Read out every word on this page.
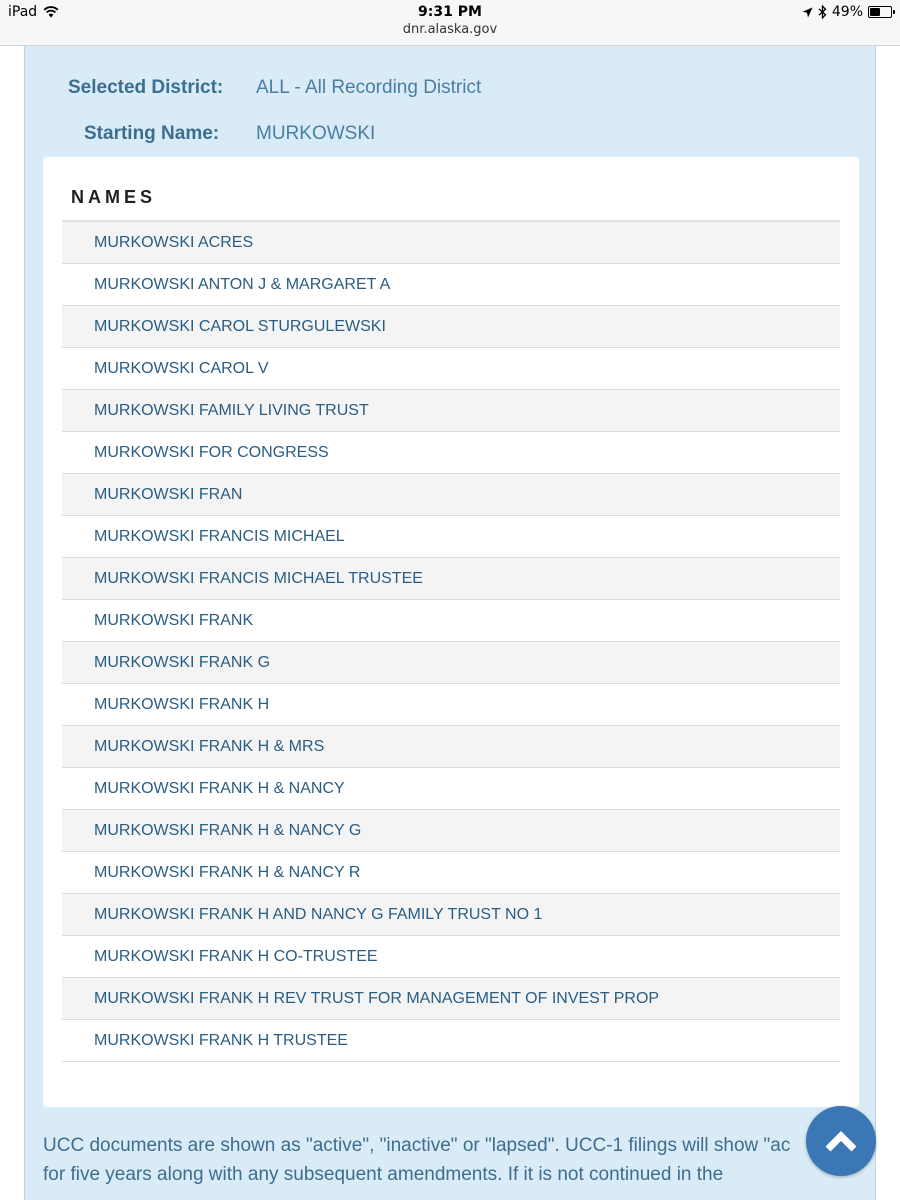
iPad	9:31 PM
dnr.alaska.gov
49%
Selected District: ALL - All Recording District
Starting Name: MURKOWSKI
NAMES
MURKOWSKI ACRES
MURKOWSKI ANTON J & MARGARET A
MURKOWSKI CAROL STURGULEWSKI
MURKOWSKI CAROL V
MURKOWSKI FAMILY LIVING TRUST
MURKOWSKI FOR CONGRESS
MURKOWSKI FRAN
MURKOWSKI FRANCIS MICHAEL
MURKOWSKI FRANCIS MICHAEL TRUSTEE
MURKOWSKI FRANK
MURKOWSKI FRANK G
MURKOWSKI FRANK H
MURKOWSKI FRANK H & MRS
MURKOWSKI FRANK H & NANCY
MURKOWSKI FRANK H & NANCY G
MURKOWSKI FRANK H & NANCY R
MURKOWSKI FRANK H AND NANCY G FAMILY TRUST NO 1
MURKOWSKI FRANK H CO-TRUSTEE
MURKOWSKI FRANK H REV TRUST FOR MANAGEMENT OF INVEST PROP
MURKOWSKI FRANK H TRUSTEE
UCC documents are shown as "active", "inactive" or "lapsed". UCC-1 filings will show "ac
for five years along with any subsequent amendments. If it is not continued in the
